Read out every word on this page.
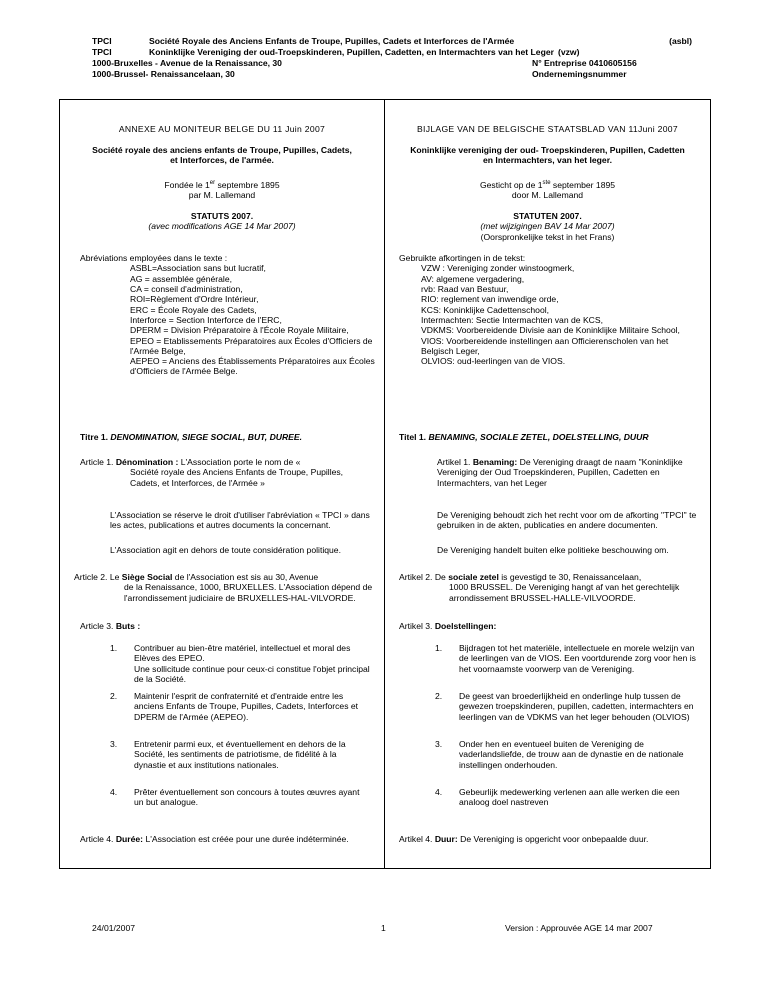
TPCI	Société Royale des Anciens Enfants de Troupe, Pupilles, Cadets et Interforces de l'Armée	(asbl)
TPCI	Koninklijke Vereniging der oud-Troepskinderen, Pupillen, Cadetten, en Intermachters van het Leger (vzw)
1000-Bruxelles - Avenue de la Renaissance, 30	N° Entreprise 0410605156
1000-Brussel- Renaissancelaan, 30	Ondernemingsnummer

ANNEXE AU MONITEUR BELGE DU 11 Juin 2007

Société royale des anciens enfants de Troupe, Pupilles, Cadets, et Interforces, de l'armée.

Fondée le 1er septembre 1895
par M. Lallemand

STATUTS 2007.
(avec modifications AGE 14 Mar 2007)

Abréviations employées dans le texte :
ASBL=Association sans but lucratif,
AG = assemblée générale,
CA = conseil d'administration,
ROI=Règlement d'Ordre Intérieur,
ERC = École Royale des Cadets,
Interforce = Section Interforce de l'ERC,
DPERM = Division Préparatoire à l'École Royale Militaire,
EPEO = Etablissements Préparatoires aux Écoles d'Officiers de l'Armée Belge,
AEPEO = Anciens des Établissements Préparatoires aux Écoles d'Officiers de l'Armée Belge.

Titre 1. DENOMINATION, SIEGE SOCIAL, BUT, DUREE.

Article 1. Dénomination : L'Association porte le nom de «
Société royale des Anciens Enfants de Troupe, Pupilles, Cadets, et Interforces, de l'Armée »

L'Association se réserve le droit d'utiliser l'abréviation « TPCI » dans les actes, publications et autres documents la concernant.

L'Association agit en dehors de toute considération politique.

Article 2. Le Siège Social de l'Association est sis au 30, Avenue
de la Renaissance, 1000, BRUXELLES. L'Association dépend de l'arrondissement judiciaire de BRUXELLES-HAL-VILVORDE.

Article 3. Buts :

1.	Contribuer au bien-être matériel, intellectuel et moral des Elèves des EPEO.
Une sollicitude continue pour ceux-ci constitue l'objet principal de la Société.
2.	Maintenir l'esprit de confraternité et d'entraide entre les anciens Enfants de Troupe, Pupilles, Cadets, Interforces et DPERM de l'Armée (AEPEO).
3.	Entretenir parmi eux, et éventuellement en dehors de la Société, les sentiments de patriotisme, de fidélité à la dynastie et aux institutions nationales.
4.	Prêter éventuellement son concours à toutes œuvres ayant un but analogue.

Article 4. Durée: L'Association est créée pour une durée indéterminée.

BIJLAGE VAN DE BELGISCHE STAATSBLAD VAN 11Juni 2007

Koninklijke vereniging der oud- Troepskinderen, Pupillen, Cadetten en Intermachters, van het leger.

Gesticht op de 1ste september 1895
door M. Lallemand

STATUTEN 2007.
(met wijzigingen BAV 14 Mar 2007)
(Oorspronkelijke tekst in het Frans)

Gebruikte afkortingen in de tekst:
VZW : Vereniging zonder winstoogmerk,
AV: algemene vergadering,
rvb: Raad van Bestuur,
RIO: reglement van inwendige orde,
KCS: Koninklijke Cadettenschool,
Intermachten: Sectie Intermachten van de KCS,
VDKMS: Voorbereidende Divisie aan de Koninklijke Militaire School,
VIOS: Voorbereidende instellingen aan Officierenscholen van het Belgisch Leger,
OLVIOS: oud-leerlingen van de VIOS.

Titel 1. BENAMING, SOCIALE ZETEL, DOELSTELLING, DUUR

Artikel 1. Benaming: De Vereniging draagt de naam "Koninklijke Vereniging der Oud Troepskinderen, Pupillen, Cadetten en Intermachters, van het Leger

De Vereniging behoudt zich het recht voor om de afkorting "TPCI" te gebruiken in de akten, publicaties en andere documenten.

De Vereniging handelt buiten elke politieke beschouwing om.

Artikel 2. De sociale zetel is gevestigd te 30, Renaissancelaan,
1000 BRUSSEL. De Vereniging hangt af van het gerechtelijk arrondissement BRUSSEL-HALLE-VILVOORDE.

Artikel 3. Doelstellingen:

1.	Bijdragen tot het materiële, intellectuele en morele welzijn van de leerlingen van de VIOS. Een voortdurende zorg voor hen is het voornaamste voorwerp van de Vereniging.
2.	De geest van broederlijkheid en onderlinge hulp tussen de gewezen troepskinderen, pupillen, cadetten, intermachters en leerlingen van de VDKMS van het leger behouden (OLVIOS)
3.	Onder hen en eventueel buiten de Vereniging de vaderlandsliefde, de trouw aan de dynastie en de nationale instellingen onderhouden.
4.	Gebeurlijk medewerking verlenen aan alle werken die een analoog doel nastreven

Artikel 4. Duur: De Vereniging is opgericht voor onbepaalde duur.

24/01/2007	1	Version : Approuvée AGE 14 mar 2007
